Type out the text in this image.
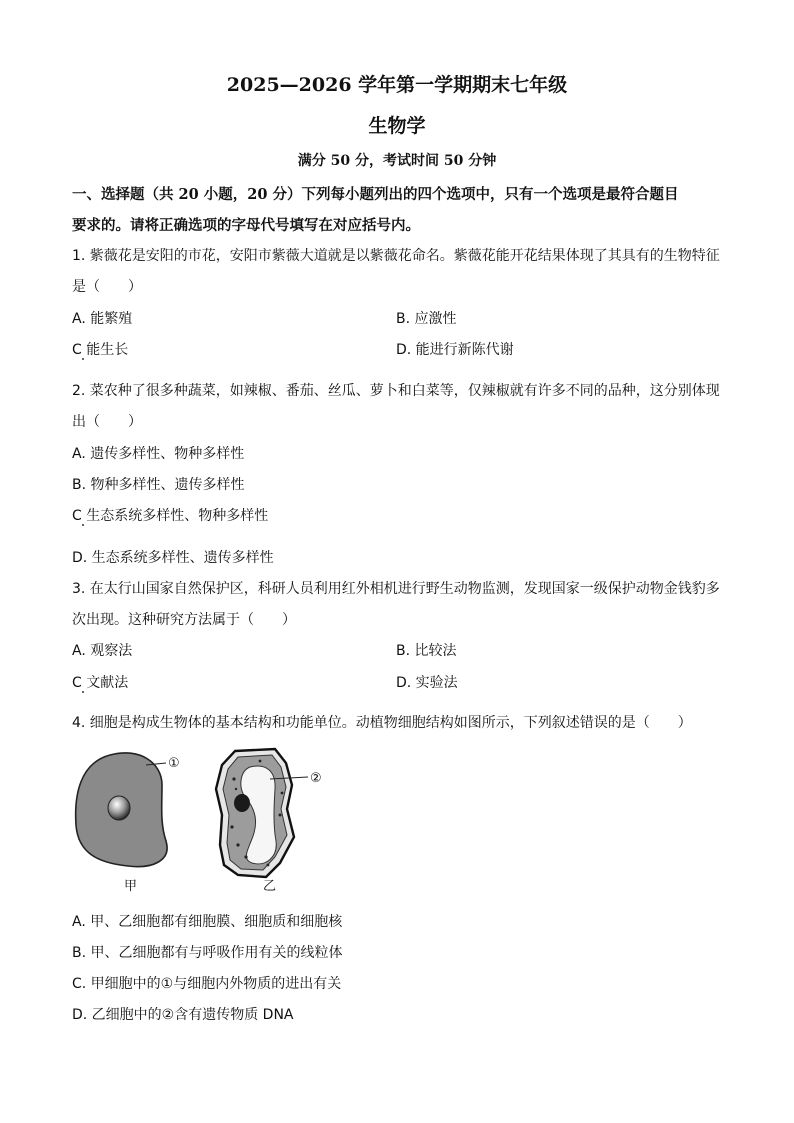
2025—2026 学年第一学期期末七年级
生物学
满分 50 分，考试时间 50 分钟
一、选择题（共 20 小题，20 分）下列每小题列出的四个选项中，只有一个选项是最符合题目
要求的。请将正确选项的字母代号填写在对应括号内。
1. 紫薇花是安阳的市花，安阳市紫薇大道就是以紫薇花命名。紫薇花能开花结果体现了其具有的生物特征
是（　　）
A. 能繁殖	B. 应激性
C 能生长	D. 能进行新陈代谢
2. 菜农种了很多种蔬菜，如辣椒、番茄、丝瓜、萝卜和白菜等，仅辣椒就有许多不同的品种，这分别体现
出（　　）
A. 遗传多样性、物种多样性
B. 物种多样性、遗传多样性
C 生态系统多样性、物种多样性
D. 生态系统多样性、遗传多样性
3. 在太行山国家自然保护区，科研人员利用红外相机进行野生动物监测，发现国家一级保护动物金钱豹多
次出现。这种研究方法属于（　　）
A. 观察法	B. 比较法
C 文献法	D. 实验法
4. 细胞是构成生物体的基本结构和功能单位。动植物细胞结构如图所示，下列叙述错误的是（　　）
①
②
甲	乙
A. 甲、乙细胞都有细胞膜、细胞质和细胞核
B. 甲、乙细胞都有与呼吸作用有关的线粒体
C. 甲细胞中的①与细胞内外物质的进出有关
D. 乙细胞中的②含有遗传物质 DNA
